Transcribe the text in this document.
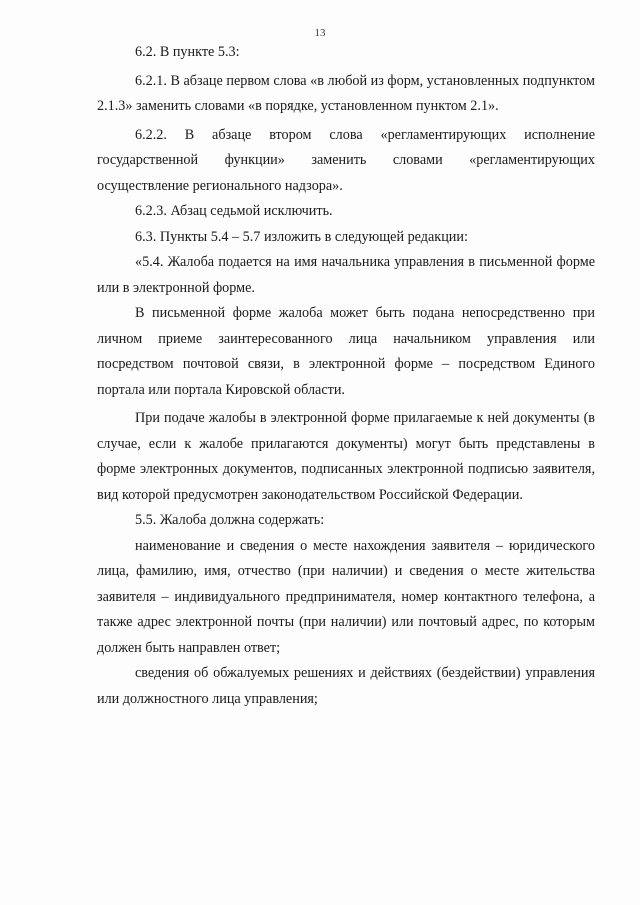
13

6.2. В пункте 5.3:

6.2.1. В абзаце первом слова «в любой из форм, установленных подпунктом 2.1.3» заменить словами «в порядке, установленном пунктом 2.1».

6.2.2. В абзаце втором слова «регламентирующих исполнение государственной функции» заменить словами «регламентирующих осуществление регионального надзора».

6.2.3. Абзац седьмой исключить.

6.3. Пункты 5.4 – 5.7 изложить в следующей редакции:

«5.4. Жалоба подается на имя начальника управления в письменной форме или в электронной форме.

В письменной форме жалоба может быть подана непосредственно при личном приеме заинтересованного лица начальником управления или посредством почтовой связи, в электронной форме – посредством Единого портала или портала Кировской области.

При подаче жалобы в электронной форме прилагаемые к ней документы (в случае, если к жалобе прилагаются документы) могут быть представлены в форме электронных документов, подписанных электронной подписью заявителя, вид которой предусмотрен законодательством Российской Федерации.

5.5. Жалоба должна содержать:

наименование и сведения о месте нахождения заявителя – юридического лица, фамилию, имя, отчество (при наличии) и сведения о месте жительства заявителя – индивидуального предпринимателя, номер контактного телефона, а также адрес электронной почты (при наличии) или почтовый адрес, по которым должен быть направлен ответ;

сведения об обжалуемых решениях и действиях (бездействии) управления или должностного лица управления;
